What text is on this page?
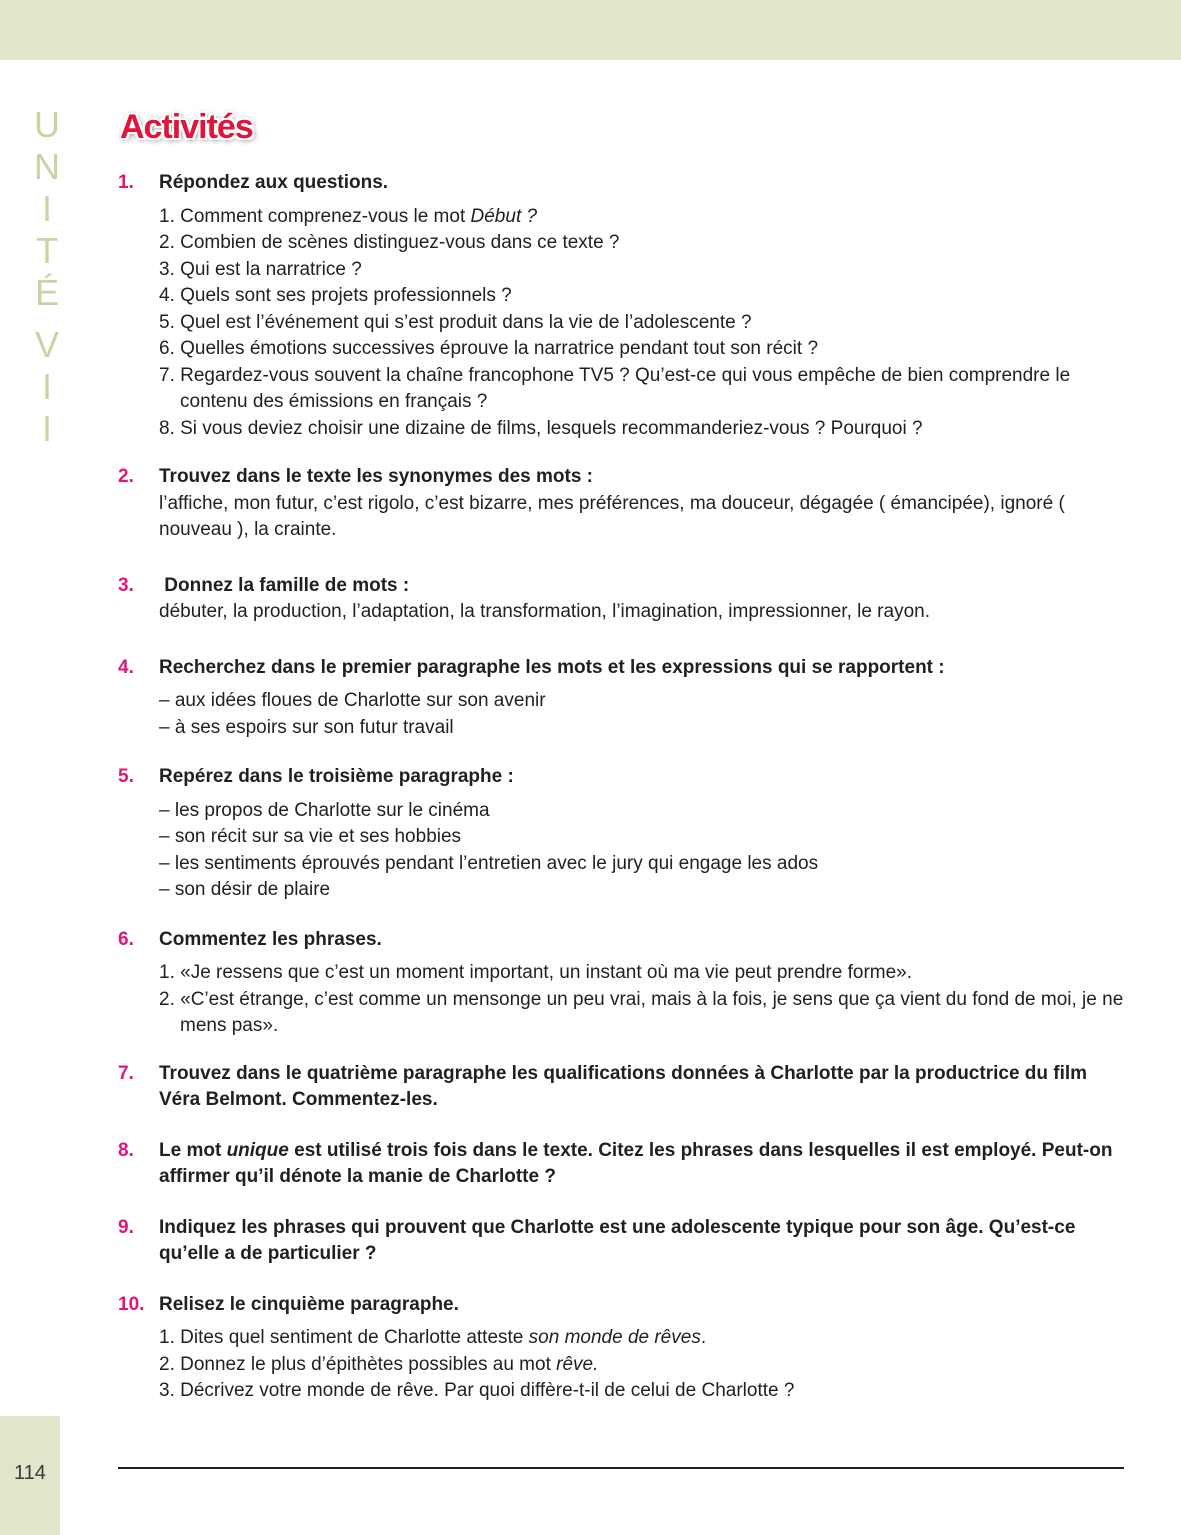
U
N
I
T
É
V
I
I
114
Activités
1. Répondez aux questions.
1. Comment comprenez-vous le mot Début ?
2. Combien de scènes distinguez-vous dans ce texte ?
3. Qui est la narratrice ?
4. Quels sont ses projets professionnels ?
5. Quel est l’événement qui s’est produit dans la vie de l’adolescente ?
6. Quelles émotions successives éprouve la narratrice pendant tout son récit ?
7. Regardez-vous souvent la chaîne francophone TV5 ? Qu’est-ce qui vous empêche de bien comprendre le contenu des émissions en français ?
8. Si vous deviez choisir une dizaine de films, lesquels recommanderiez-vous ? Pourquoi ?
2. Trouvez dans le texte les synonymes des mots :
l’affiche, mon futur, c’est rigolo, c’est bizarre, mes préférences, ma douceur, dégagée ( émancipée), ignoré ( nouveau ), la crainte.
3. Donnez la famille de mots :
débuter, la production, l’adaptation, la transformation, l’imagination, impressionner, le rayon.
4. Recherchez dans le premier paragraphe les mots et les expressions qui se rapportent :
– aux idées floues de Charlotte sur son avenir
– à ses espoirs sur son futur travail
5. Repérez dans le troisième paragraphe :
– les propos de Charlotte sur le cinéma
– son récit sur sa vie et ses hobbies
– les sentiments éprouvés pendant l’entretien avec le jury qui engage les ados
– son désir de plaire
6. Commentez les phrases.
1. «Je ressens que c’est un moment important, un instant où ma vie peut prendre forme».
2. «C’est étrange, c’est comme un mensonge un peu vrai, mais à la fois, je sens que ça vient du fond de moi, je ne mens pas».
7. Trouvez dans le quatrième paragraphe les qualifications données à Charlotte par la productrice du film Véra Belmont. Commentez-les.
8. Le mot unique est utilisé trois fois dans le texte. Citez les phrases dans lesquelles il est employé. Peut-on affirmer qu’il dénote la manie de Charlotte ?
9. Indiquez les phrases qui prouvent que Charlotte est une adolescente typique pour son âge. Qu’est-ce qu’elle a de particulier ?
10. Relisez le cinquième paragraphe.
1. Dites quel sentiment de Charlotte atteste son monde de rêves.
2. Donnez le plus d’épithètes possibles au mot rêve.
3. Décrivez votre monde de rêve. Par quoi diffère-t-il de celui de Charlotte ?
